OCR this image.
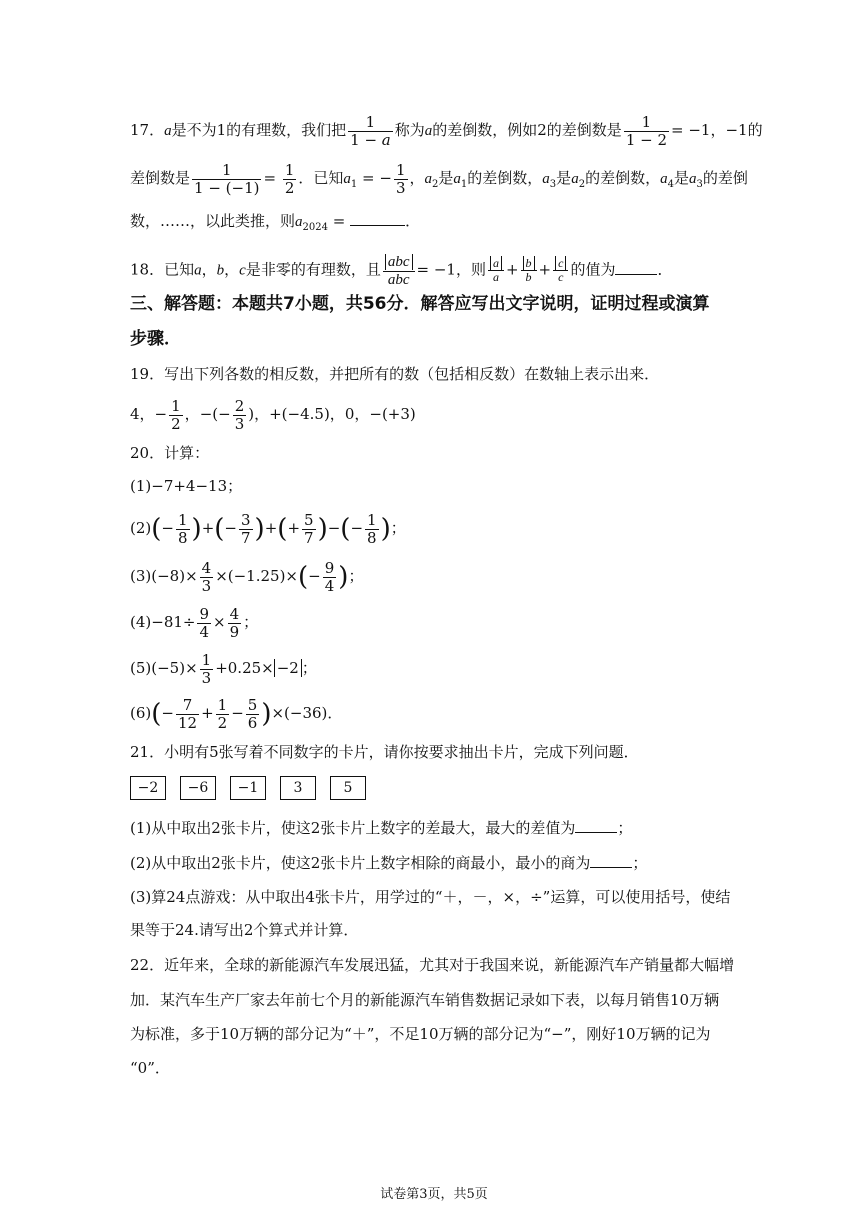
17．a是不为1的有理数，我们把 $\frac{1}{1 - a}$ 称为a的差倒数，例如2的差倒数是 $\frac{1}{1 - 2} = -1$，−1的
差倒数是 $\frac{1}{1 - (-1)} = \frac{1}{2}$ ．已知$a_1$ = − $\frac{1}{3}$ ，$a_2$是$a_1$的差倒数，$a_3$是$a_2$的差倒数，$a_4$是$a_3$的差倒
数，……，以此类推，则$a_{2024}$ =	．
18．已知a，b，c是非零的有理数，且 $\frac{\text{abc}}{\text{abc}} = -1$，则 $\frac{a}{a} + \frac{b}{b} + \frac{c}{c}$ 的值为	．
三、解答题：本题共7小题，共56分．解答应写出文字说明，证明过程或演算
步骤．
19．写出下列各数的相反数，并把所有的数（包括相反数）在数轴上表示出来．
4，− $\frac{1}{2}$ ，−(− $\frac{2}{3}$ )，+(−4.5)，0，−(+3)
20．计算：
(1)−7+4−13；
$(2)(- \frac{1}{8}$ )+(− $\frac{3}{7}$ )+(+ $\frac{5}{7}$ )−(− $\frac{1}{8}$ )；
$(3)(-8)\times \frac{4}{3} \times(-1.25)\times(- \frac{9}{4}$ )；
$(4)-81\div \frac{9}{4} \times \frac{4}{9}$ ；
$(5)(-5)\times \frac{1}{3} +0.25\times -2$ ；
$(6)(- \frac{7}{12} + \frac{1}{2} - \frac{5}{6} )\times(-36)$．
21．小明有5张写着不同数字的卡片，请你按要求抽出卡片，完成下列问题．
−2	−6	−1	3	5
(1)从中取出2张卡片，使这2张卡片上数字的差最大，最大的差值为	；
(2)从中取出2张卡片，使这2张卡片上数字相除的商最小，最小的商为	；
(3)算24点游戏：从中取出4张卡片，用学过的“＋，－，×，÷”运算，可以使用括号，使结
果等于24.请写出2个算式并计算．
22．近年来，全球的新能源汽车发展迅猛，尤其对于我国来说，新能源汽车产销量都大幅增
加．某汽车生产厂家去年前七个月的新能源汽车销售数据记录如下表，以每月销售10万辆
为标准，多于10万辆的部分记为“＋”，不足10万辆的部分记为“−”，刚好10万辆的记为
“0”．
试卷第3页，共5页
